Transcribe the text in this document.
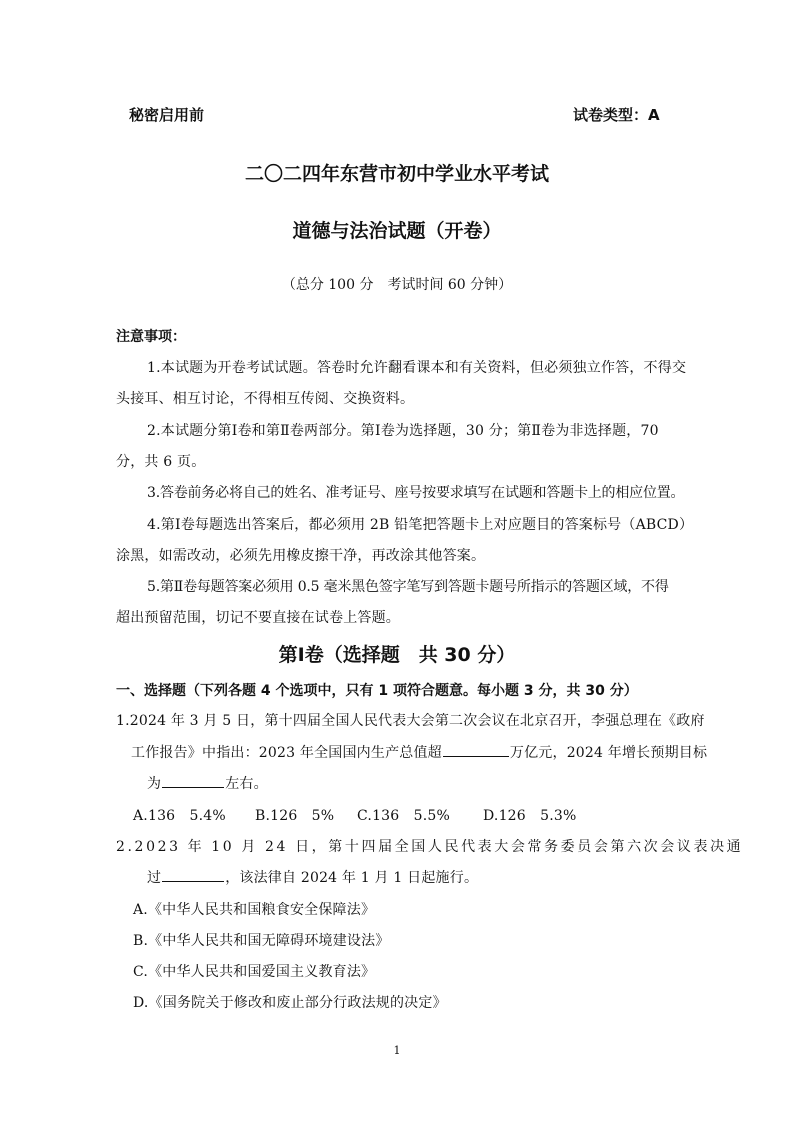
秘密启用前	试卷类型：A
二〇二四年东营市初中学业水平考试
道德与法治试题（开卷）
（总分 100 分　考试时间 60 分钟）
注意事项：
1.本试题为开卷考试试题。答卷时允许翻看课本和有关资料，但必须独立作答，不得交
头接耳、相互讨论，不得相互传阅、交换资料。
2.本试题分第Ⅰ卷和第Ⅱ卷两部分。第Ⅰ卷为选择题，30 分；第Ⅱ卷为非选择题，70
分，共 6 页。
3.答卷前务必将自己的姓名、准考证号、座号按要求填写在试题和答题卡上的相应位置。
4.第Ⅰ卷每题选出答案后，都必须用 2B 铅笔把答题卡上对应题目的答案标号（ABCD）
涂黑，如需改动，必须先用橡皮擦干净，再改涂其他答案。
5.第Ⅱ卷每题答案必须用 0.5 毫米黑色签字笔写到答题卡题号所指示的答题区域，不得
超出预留范围，切记不要直接在试卷上答题。
第Ⅰ卷（选择题　共 30 分）
一、选择题（下列各题 4 个选项中，只有 1 项符合题意。每小题 3 分，共 30 分）
1.2024 年 3 月 5 日，第十四届全国人民代表大会第二次会议在北京召开，李强总理在《政府
工作报告》中指出：2023 年全国国内生产总值超	万亿元，2024 年增长预期目标
为	左右。
A.136　5.4% B.126　5% C.136　5.5% D.126　5.3%
2.2023 年 10 月 24 日，第十四届全国人民代表大会常务委员会第六次会议表决通
过	，该法律自 2024 年 1 月 1 日起施行。
A.《中华人民共和国粮食安全保障法》
B.《中华人民共和国无障碍环境建设法》
C.《中华人民共和国爱国主义教育法》
D.《国务院关于修改和废止部分行政法规的决定》
1
